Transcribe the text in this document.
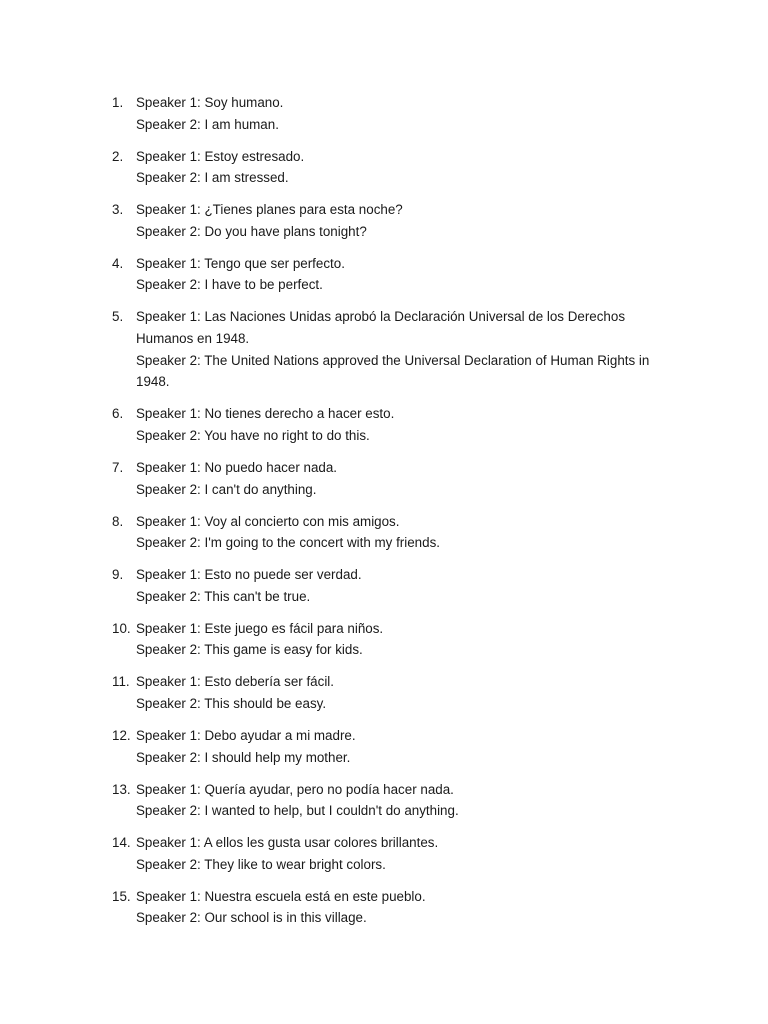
1. Speaker 1: Soy humano.
Speaker 2: I am human.
2. Speaker 1: Estoy estresado.
Speaker 2: I am stressed.
3. Speaker 1: ¿Tienes planes para esta noche?
Speaker 2: Do you have plans tonight?
4. Speaker 1: Tengo que ser perfecto.
Speaker 2: I have to be perfect.
5. Speaker 1: Las Naciones Unidas aprobó la Declaración Universal de los Derechos Humanos en 1948.
Speaker 2: The United Nations approved the Universal Declaration of Human Rights in 1948.
6. Speaker 1: No tienes derecho a hacer esto.
Speaker 2: You have no right to do this.
7. Speaker 1: No puedo hacer nada.
Speaker 2: I can't do anything.
8. Speaker 1: Voy al concierto con mis amigos.
Speaker 2: I'm going to the concert with my friends.
9. Speaker 1: Esto no puede ser verdad.
Speaker 2: This can't be true.
10. Speaker 1: Este juego es fácil para niños.
Speaker 2: This game is easy for kids.
11. Speaker 1: Esto debería ser fácil.
Speaker 2: This should be easy.
12. Speaker 1: Debo ayudar a mi madre.
Speaker 2: I should help my mother.
13. Speaker 1: Quería ayudar, pero no podía hacer nada.
Speaker 2: I wanted to help, but I couldn't do anything.
14. Speaker 1: A ellos les gusta usar colores brillantes.
Speaker 2: They like to wear bright colors.
15. Speaker 1: Nuestra escuela está en este pueblo.
Speaker 2: Our school is in this village.
